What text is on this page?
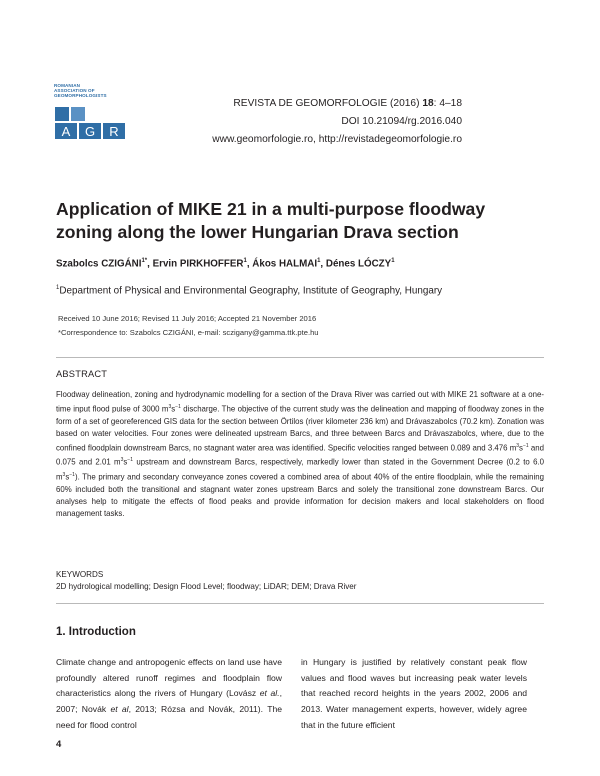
ROMANIAN
ASSOCIATION OF
GEOMORPHOLOGISTS
A G R
REVISTA DE GEOMORFOLOGIE (2016) 18: 4–18
DOI 10.21094/rg.2016.040
www.geomorfologie.ro, http://revistadegeomorfologie.ro
Application of MIKE 21 in a multi-purpose floodway zoning along the lower Hungarian Drava section
Szabolcs $CZIGÁNI^{1*}$, Ervin PIRKHOFFER$^1$, Ákos HALMAI$^1$, Dénes LÓCZY$^1$
$^1$Department of Physical and Environmental Geography, Institute of Geography, Hungary
Received 10 June 2016; Revised 11 July 2016; Accepted 21 November 2016
*Correspondence to: Szabolcs CZIGÁNI, e-mail: sczigany@gamma.ttk.pte.hu
ABSTRACT

Floodway delineation, zoning and hydrodynamic modelling for a section of the Drava River was carried out with MIKE 21 software at a one-time input flood pulse of 3000 $m^3s^{-1}$ discharge. The objective of the current study was the delineation and mapping of floodway zones in the form of a set of georeferenced GIS data for the section between Örtilos (river kilometer 236 km) and Drávaszabolcs (70.2 km). Zonation was based on water velocities. Four zones were delineated upstream Barcs, and three between Barcs and Drávaszabolcs, where, due to the confined floodplain downstream Barcs, no stagnant water area was identified. Specific velocities ranged between 0.089 and 3.476 $m^3s^{-1}$ and 0.075 and 2.01 $m^3s^{-1}$ upstream and downstream Barcs, respectively, markedly lower than stated in the Government Decree (0.2 to 6.0 $m^3s^{-1}$). The primary and secondary conveyance zones covered a combined area of about 40% of the entire floodplain, while the remaining 60% included both the transitional and stagnant water zones upstream Barcs and solely the transitional zone downstream Barcs. Our analyses help to mitigate the effects of flood peaks and provide information for decision makers and local stakeholders on flood management tasks.

KEYWORDS
2D hydrological modelling; Design Flood Level; floodway; LiDAR; DEM; Drava River
1. Introduction

Climate change and antropogenic effects on land use have profoundly altered runoff regimes and floodplain flow characteristics along the rivers of Hungary (Lovász et al., 2007; Novák et al, 2013; Rózsa and Novák, 2011). The need for flood control

in Hungary is justified by relatively constant peak flow values and flood waves but increasing peak water levels that reached record heights in the years 2002, 2006 and 2013. Water management experts, however, widely agree that in the future efficient

4
